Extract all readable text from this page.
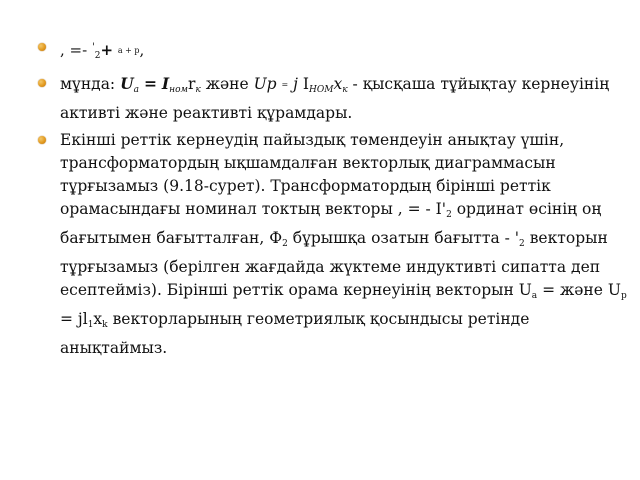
, =- '$_2$+ а + р,
мұнда: $U_а = I_{ном}r_к$ және Up = j $I_{НОМ}x_к$ - қысқаша тұйықтау кернеуінің активті және реактивті құрамдары.
Екінші реттік кернеудің пайыздық төмендеуін анықтау үшін, трансформатордың ықшамдалған векторлық диаграммасын тұрғызамыз (9.18-сурет). Трансформатордың бірінші реттік орамасындағы номинал токтың векторы , = - $I'_2$ ординат өсінің оң бағытымен бағытталған, $Ф_2$ бұрышқа озатын бағытта - '$_2$ векторын тұрғызамыз (берілген жағдайда жүктеме индуктивті сипатта деп есептейміз). Бірінші реттік орама кернеуінің векторын $U_а$ = және $U_р = jl_1x_k$ векторларының геометриялық қосындысы ретінде анықтаймыз.
